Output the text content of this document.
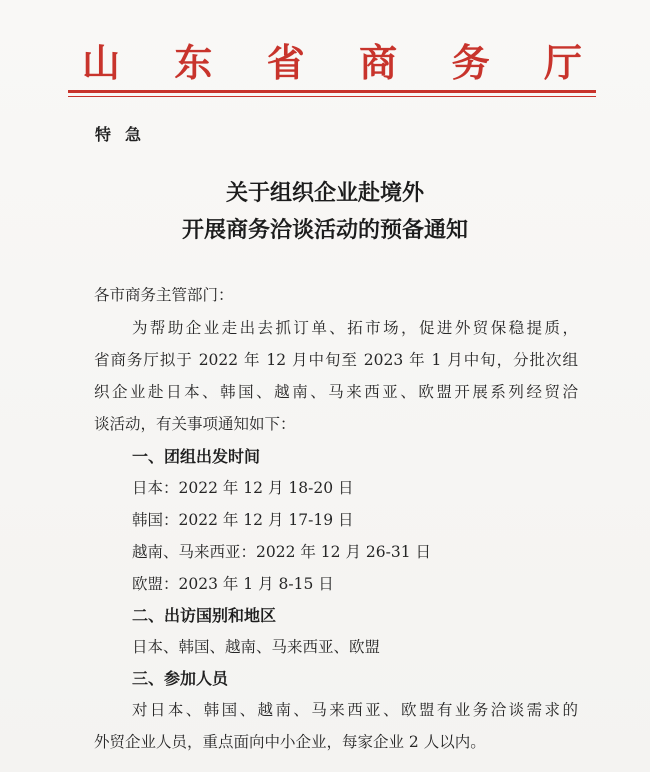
山 东 省 商 务 厅
特急
关于组织企业赴境外
开展商务洽谈活动的预备通知
各市商务主管部门：
为帮助企业走出去抓订单、拓市场，促进外贸保稳提质，
省商务厅拟于 2022 年 12 月中旬至 2023 年 1 月中旬，分批次组
织企业赴日本、韩国、越南、马来西亚、欧盟开展系列经贸洽
谈活动，有关事项通知如下：
一、团组出发时间
日本：2022 年 12 月 18-20 日
韩国：2022 年 12 月 17-19 日
越南、马来西亚：2022 年 12 月 26-31 日
欧盟：2023 年 1 月 8-15 日
二、出访国别和地区
日本、韩国、越南、马来西亚、欧盟
三、参加人员
对日本、韩国、越南、马来西亚、欧盟有业务洽谈需求的
外贸企业人员，重点面向中小企业，每家企业 2 人以内。
